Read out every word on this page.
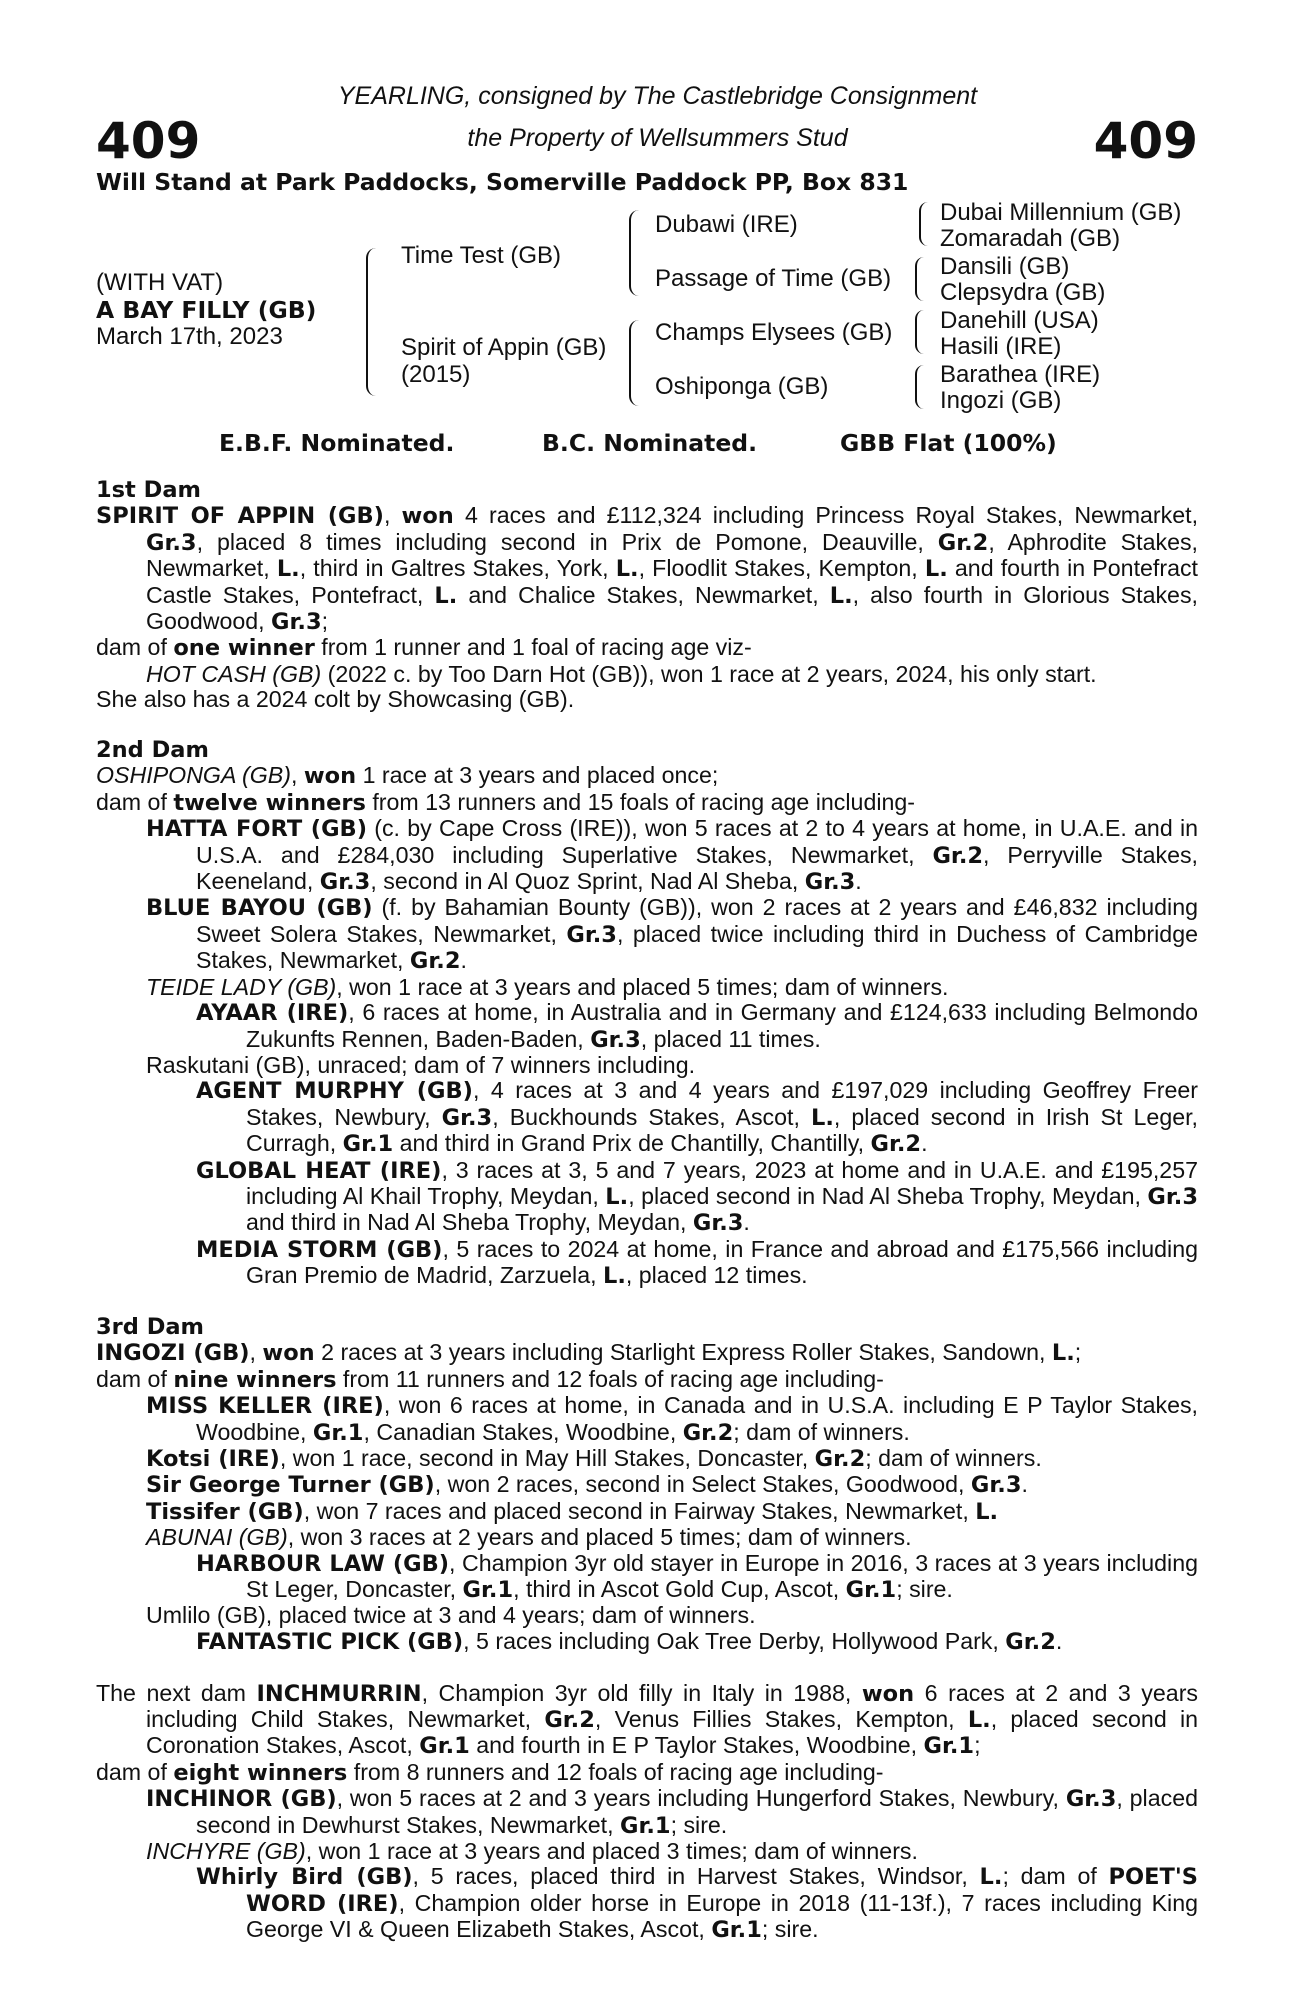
409	409
YEARLING, consigned by The Castlebridge Consignment
the Property of Wellsummers Stud
Will Stand at Park Paddocks, Somerville Paddock PP, Box 831
(WITH VAT)
A BAY FILLY (GB)
March 17th, 2023
Time Test (GB)
Spirit of Appin (GB)
(2015)
Dubawi (IRE)
Passage of Time (GB)
Champs Elysees (GB)
Oshiponga (GB)
Dubai Millennium (GB)
Zomaradah (GB)
Dansili (GB)
Clepsydra (GB)
Danehill (USA)
Hasili (IRE)
Barathea (IRE)
Ingozi (GB)
E.B.F. Nominated.	B.C. Nominated.	GBB Flat (100%)
1st Dam
SPIRIT OF APPIN (GB), won 4 races and £112,324 including Princess Royal Stakes, Newmarket, Gr.3, placed 8 times including second in Prix de Pomone, Deauville, Gr.2, Aphrodite Stakes, Newmarket, L., third in Galtres Stakes, York, L., Floodlit Stakes, Kempton, L. and fourth in Pontefract Castle Stakes, Pontefract, L. and Chalice Stakes, Newmarket, L., also fourth in Glorious Stakes, Goodwood, Gr.3;
dam of one winner from 1 runner and 1 foal of racing age viz-
HOT CASH (GB) (2022 c. by Too Darn Hot (GB)), won 1 race at 2 years, 2024, his only start.
She also has a 2024 colt by Showcasing (GB).
2nd Dam
OSHIPONGA (GB), won 1 race at 3 years and placed once;
dam of twelve winners from 13 runners and 15 foals of racing age including-
HATTA FORT (GB) (c. by Cape Cross (IRE)), won 5 races at 2 to 4 years at home, in U.A.E. and in U.S.A. and £284,030 including Superlative Stakes, Newmarket, Gr.2, Perryville Stakes, Keeneland, Gr.3, second in Al Quoz Sprint, Nad Al Sheba, Gr.3.
BLUE BAYOU (GB) (f. by Bahamian Bounty (GB)), won 2 races at 2 years and £46,832 including Sweet Solera Stakes, Newmarket, Gr.3, placed twice including third in Duchess of Cambridge Stakes, Newmarket, Gr.2.
TEIDE LADY (GB), won 1 race at 3 years and placed 5 times; dam of winners.
AYAAR (IRE), 6 races at home, in Australia and in Germany and £124,633 including Belmondo Zukunfts Rennen, Baden-Baden, Gr.3, placed 11 times.
Raskutani (GB), unraced; dam of 7 winners including.
AGENT MURPHY (GB), 4 races at 3 and 4 years and £197,029 including Geoffrey Freer Stakes, Newbury, Gr.3, Buckhounds Stakes, Ascot, L., placed second in Irish St Leger, Curragh, Gr.1 and third in Grand Prix de Chantilly, Chantilly, Gr.2.
GLOBAL HEAT (IRE), 3 races at 3, 5 and 7 years, 2023 at home and in U.A.E. and £195,257 including Al Khail Trophy, Meydan, L., placed second in Nad Al Sheba Trophy, Meydan, Gr.3 and third in Nad Al Sheba Trophy, Meydan, Gr.3.
MEDIA STORM (GB), 5 races to 2024 at home, in France and abroad and £175,566 including Gran Premio de Madrid, Zarzuela, L., placed 12 times.
3rd Dam
INGOZI (GB), won 2 races at 3 years including Starlight Express Roller Stakes, Sandown, L.;
dam of nine winners from 11 runners and 12 foals of racing age including-
MISS KELLER (IRE), won 6 races at home, in Canada and in U.S.A. including E P Taylor Stakes, Woodbine, Gr.1, Canadian Stakes, Woodbine, Gr.2; dam of winners.
Kotsi (IRE), won 1 race, second in May Hill Stakes, Doncaster, Gr.2; dam of winners.
Sir George Turner (GB), won 2 races, second in Select Stakes, Goodwood, Gr.3.
Tissifer (GB), won 7 races and placed second in Fairway Stakes, Newmarket, L.
ABUNAI (GB), won 3 races at 2 years and placed 5 times; dam of winners.
HARBOUR LAW (GB), Champion 3yr old stayer in Europe in 2016, 3 races at 3 years including St Leger, Doncaster, Gr.1, third in Ascot Gold Cup, Ascot, Gr.1; sire.
Umlilo (GB), placed twice at 3 and 4 years; dam of winners.
FANTASTIC PICK (GB), 5 races including Oak Tree Derby, Hollywood Park, Gr.2.
The next dam INCHMURRIN, Champion 3yr old filly in Italy in 1988, won 6 races at 2 and 3 years including Child Stakes, Newmarket, Gr.2, Venus Fillies Stakes, Kempton, L., placed second in Coronation Stakes, Ascot, Gr.1 and fourth in E P Taylor Stakes, Woodbine, Gr.1;
dam of eight winners from 8 runners and 12 foals of racing age including-
INCHINOR (GB), won 5 races at 2 and 3 years including Hungerford Stakes, Newbury, Gr.3, placed second in Dewhurst Stakes, Newmarket, Gr.1; sire.
INCHYRE (GB), won 1 race at 3 years and placed 3 times; dam of winners.
Whirly Bird (GB), 5 races, placed third in Harvest Stakes, Windsor, L.; dam of POET'S WORD (IRE), Champion older horse in Europe in 2018 (11-13f.), 7 races including King George VI & Queen Elizabeth Stakes, Ascot, Gr.1; sire.
